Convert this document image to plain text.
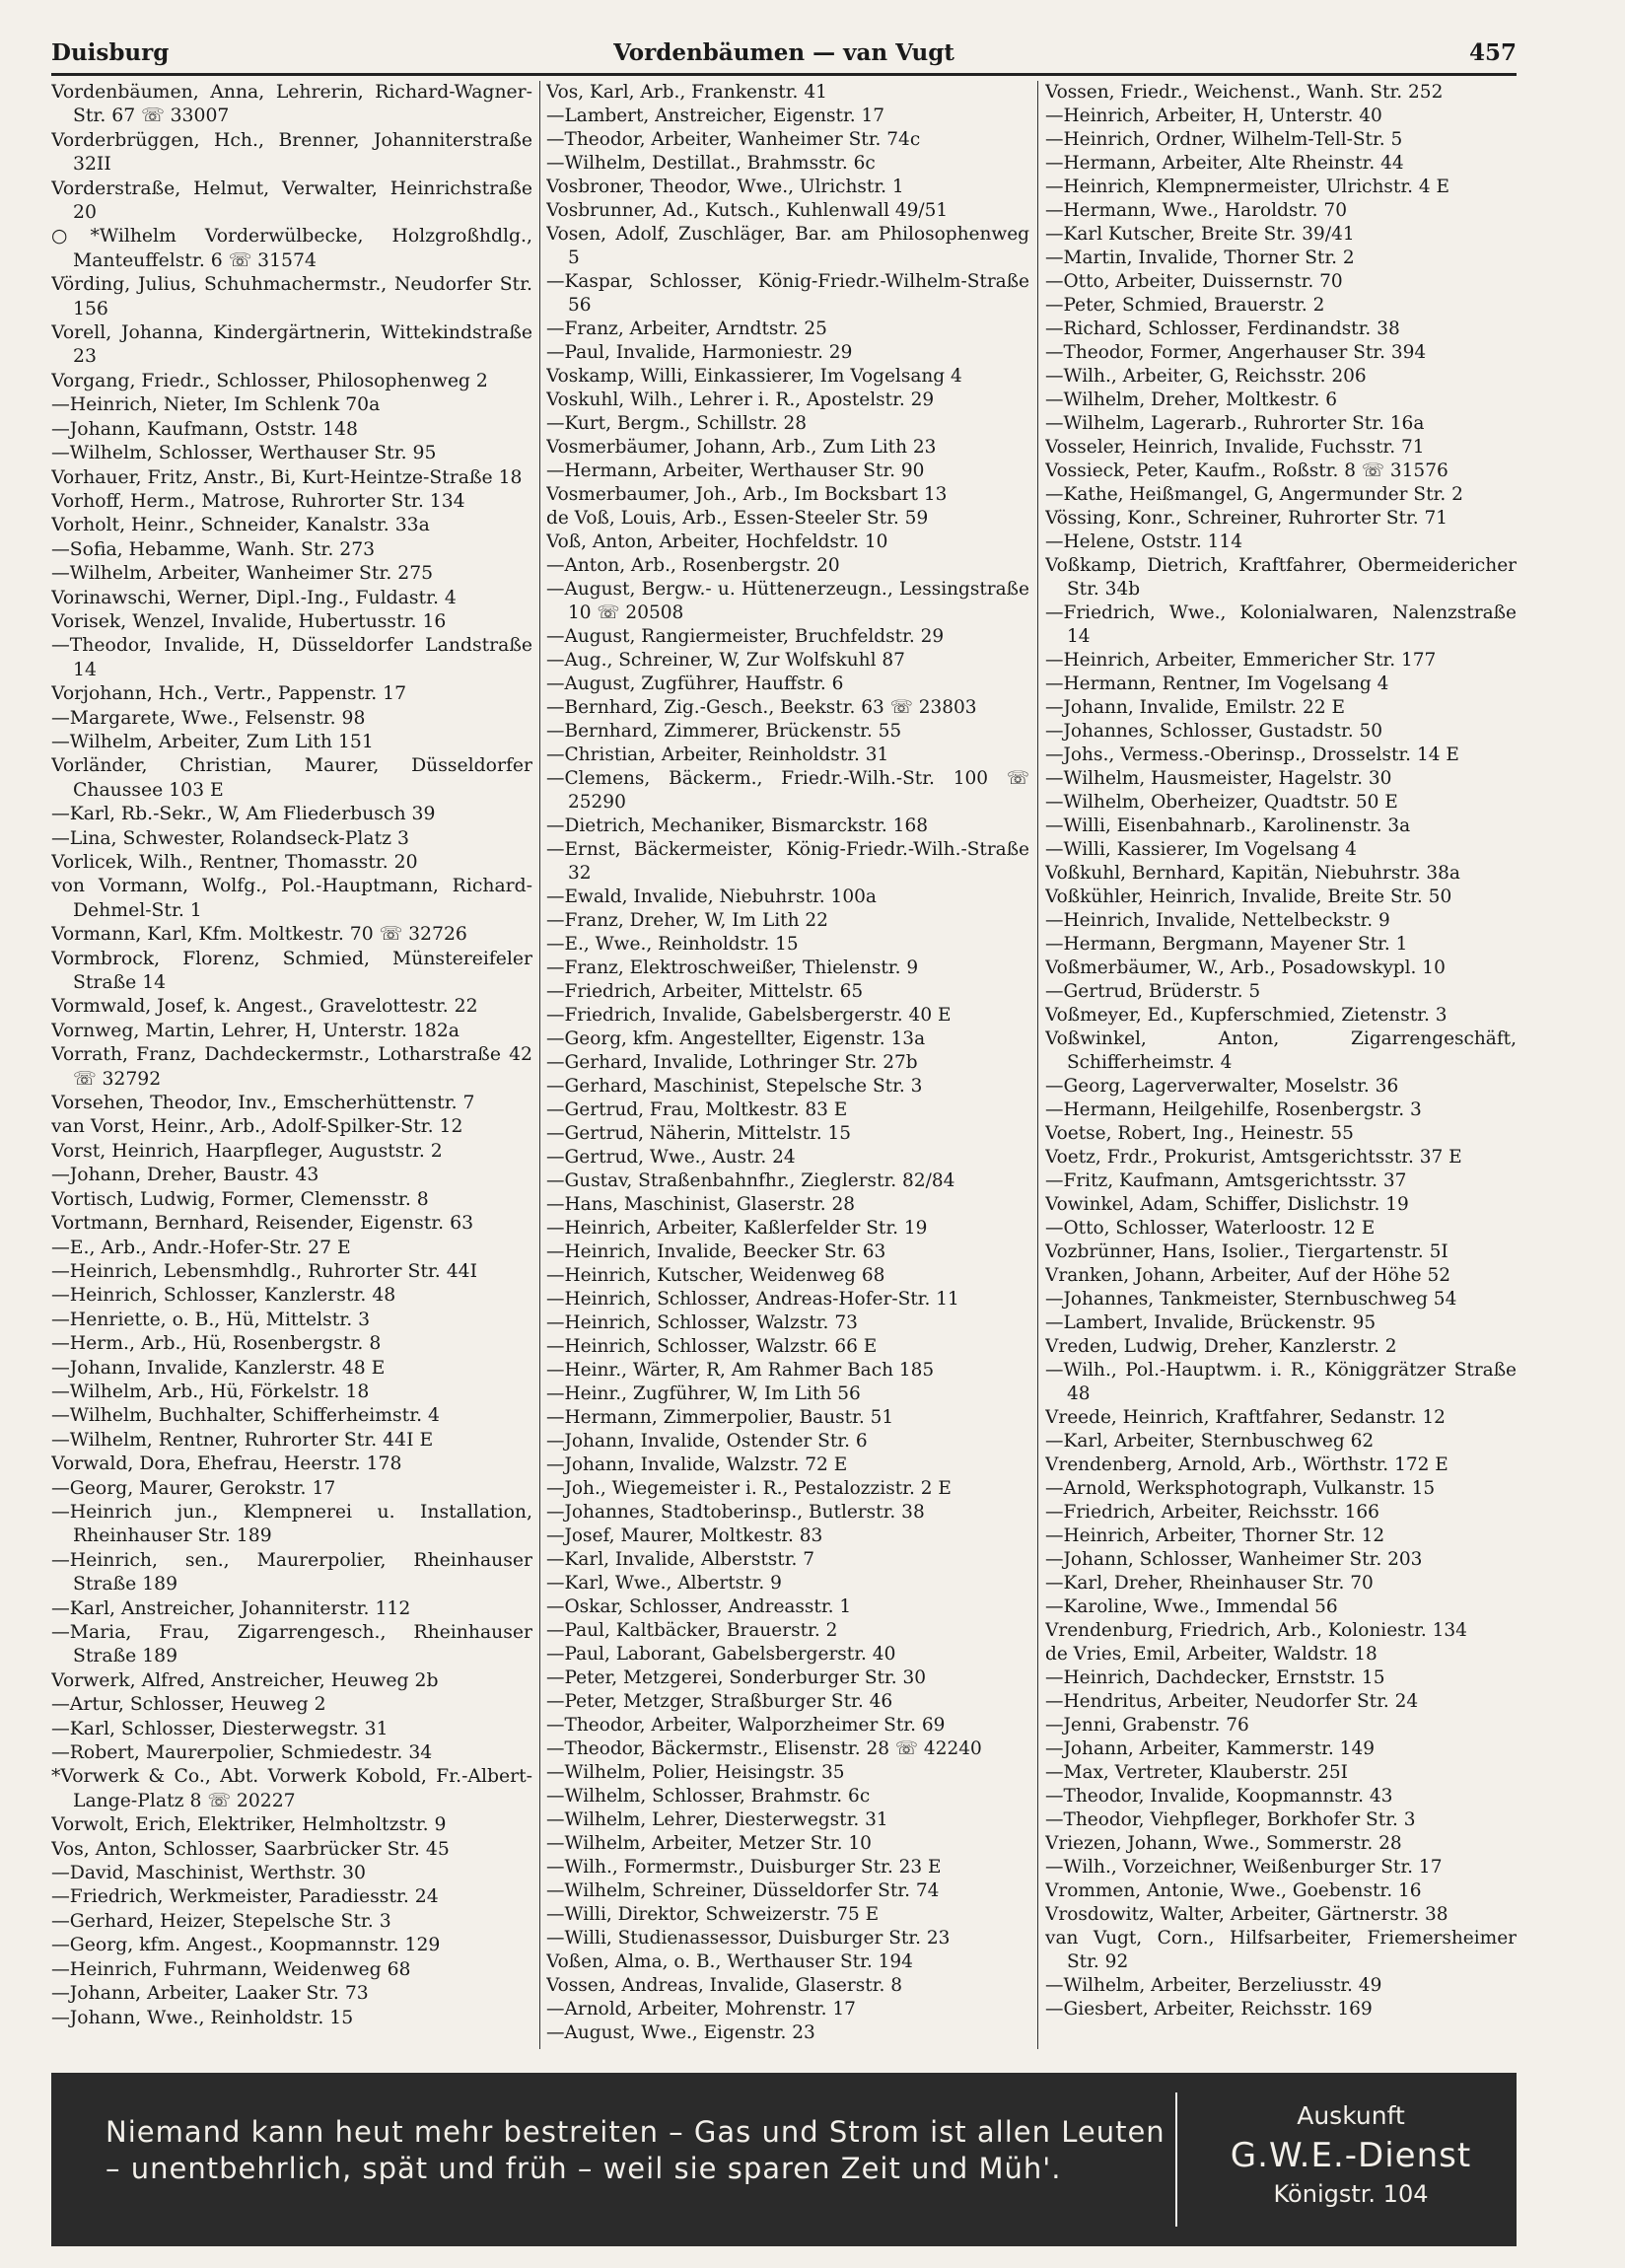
Duisburg	Vordenbäumen — van Vugt	457

Vordenbäumen, Anna, Lehrerin, Richard-Wagner-Str. 67 ☏ 33007

Vorderbrüggen, Hch., Brenner, Johanniterstraße 32II

Vorderstraße, Helmut, Verwalter, Heinrichstraße 20

○*Wilhelm Vorderwülbecke, Holzgroßhdlg., Manteuffelstr. 6 ☏ 31574

Vörding, Julius, Schuhmachermstr., Neudorfer Str. 156

Vorell, Johanna, Kindergärtnerin, Wittekindstraße 23

Vorgang, Friedr., Schlosser, Philosophenweg 2

—Heinrich, Nieter, Im Schlenk 70a

—Johann, Kaufmann, Oststr. 148

—Wilhelm, Schlosser, Werthauser Str. 95

Vorhauer, Fritz, Anstr., Bi, Kurt-Heintze-Straße 18

Vorhoff, Herm., Matrose, Ruhrorter Str. 134

Vorholt, Heinr., Schneider, Kanalstr. 33a

—Sofia, Hebamme, Wanh. Str. 273

—Wilhelm, Arbeiter, Wanheimer Str. 275

Vorinawschi, Werner, Dipl.-Ing., Fuldastr. 4

Vorisek, Wenzel, Invalide, Hubertusstr. 16

—Theodor, Invalide, H, Düsseldorfer Landstraße 14

Vorjohann, Hch., Vertr., Pappenstr. 17

—Margarete, Wwe., Felsenstr. 98

—Wilhelm, Arbeiter, Zum Lith 151

Vorländer, Christian, Maurer, Düsseldorfer Chaussee 103 E

—Karl, Rb.-Sekr., W, Am Fliederbusch 39

—Lina, Schwester, Rolandseck-Platz 3

Vorlicek, Wilh., Rentner, Thomasstr. 20

von Vormann, Wolfg., Pol.-Hauptmann, Richard-Dehmel-Str. 1

Vormann, Karl, Kfm. Moltkestr. 70 ☏ 32726

Vormbrock, Florenz, Schmied, Münstereifeler Straße 14

Vormwald, Josef, k. Angest., Gravelottestr. 22

Vornweg, Martin, Lehrer, H, Unterstr. 182a

Vorrath, Franz, Dachdeckermstr., Lotharstraße 42 ☏ 32792

Vorsehen, Theodor, Inv., Emscherhüttenstr. 7

van Vorst, Heinr., Arb., Adolf-Spilker-Str. 12

Vorst, Heinrich, Haarpfleger, Auguststr. 2

—Johann, Dreher, Baustr. 43

Vortisch, Ludwig, Former, Clemensstr. 8

Vortmann, Bernhard, Reisender, Eigenstr. 63

—E., Arb., Andr.-Hofer-Str. 27 E

—Heinrich, Lebensmhdlg., Ruhrorter Str. 44I

—Heinrich, Schlosser, Kanzlerstr. 48

—Henriette, o. B., Hü, Mittelstr. 3

—Herm., Arb., Hü, Rosenbergstr. 8

—Johann, Invalide, Kanzlerstr. 48 E

—Wilhelm, Arb., Hü, Förkelstr. 18

—Wilhelm, Buchhalter, Schifferheimstr. 4

—Wilhelm, Rentner, Ruhrorter Str. 44I E

Vorwald, Dora, Ehefrau, Heerstr. 178

—Georg, Maurer, Gerokstr. 17

—Heinrich jun., Klempnerei u. Installation, Rheinhauser Str. 189

—Heinrich, sen., Maurerpolier, Rheinhauser Straße 189

—Karl, Anstreicher, Johanniterstr. 112

—Maria, Frau, Zigarrengesch., Rheinhauser Straße 189

Vorwerk, Alfred, Anstreicher, Heuweg 2b

—Artur, Schlosser, Heuweg 2

—Karl, Schlosser, Diesterwegstr. 31

—Robert, Maurerpolier, Schmiedestr. 34

*Vorwerk & Co., Abt. Vorwerk Kobold, Fr.-Albert-Lange-Platz 8 ☏ 20227

Vorwolt, Erich, Elektriker, Helmholtzstr. 9

Vos, Anton, Schlosser, Saarbrücker Str. 45

—David, Maschinist, Werthstr. 30

—Friedrich, Werkmeister, Paradiesstr. 24

—Gerhard, Heizer, Stepelsche Str. 3

—Georg, kfm. Angest., Koopmannstr. 129

—Heinrich, Fuhrmann, Weidenweg 68

—Johann, Arbeiter, Laaker Str. 73

—Johann, Wwe., Reinholdstr. 15

Vos, Karl, Arb., Frankenstr. 41

—Lambert, Anstreicher, Eigenstr. 17

—Theodor, Arbeiter, Wanheimer Str. 74c

—Wilhelm, Destillat., Brahmsstr. 6c

Vosbroner, Theodor, Wwe., Ulrichstr. 1

Vosbrunner, Ad., Kutsch., Kuhlenwall 49/51

Vosen, Adolf, Zuschläger, Bar. am Philosophenweg 5

—Kaspar, Schlosser, König-Friedr.-Wilhelm-Straße 56

—Franz, Arbeiter, Arndtstr. 25

—Paul, Invalide, Harmoniestr. 29

Voskamp, Willi, Einkassierer, Im Vogelsang 4

Voskuhl, Wilh., Lehrer i. R., Apostelstr. 29

—Kurt, Bergm., Schillstr. 28

Vosmerbäumer, Johann, Arb., Zum Lith 23

—Hermann, Arbeiter, Werthauser Str. 90

Vosmerbaumer, Joh., Arb., Im Bocksbart 13

de Voß, Louis, Arb., Essen-Steeler Str. 59

Voß, Anton, Arbeiter, Hochfeldstr. 10

—Anton, Arb., Rosenbergstr. 20

—August, Bergw.- u. Hüttenerzeugn., Lessingstraße 10 ☏ 20508

—August, Rangiermeister, Bruchfeldstr. 29

—Aug., Schreiner, W, Zur Wolfskuhl 87

—August, Zugführer, Hauffstr. 6

—Bernhard, Zig.-Gesch., Beekstr. 63 ☏ 23803

—Bernhard, Zimmerer, Brückenstr. 55

—Christian, Arbeiter, Reinholdstr. 31

—Clemens, Bäckerm., Friedr.-Wilh.-Str. 100 ☏ 25290

—Dietrich, Mechaniker, Bismarckstr. 168

—Ernst, Bäckermeister, König-Friedr.-Wilh.-Straße 32

—Ewald, Invalide, Niebuhrstr. 100a

—Franz, Dreher, W, Im Lith 22

—E., Wwe., Reinholdstr. 15

—Franz, Elektroschweißer, Thielenstr. 9

—Friedrich, Arbeiter, Mittelstr. 65

—Friedrich, Invalide, Gabelsbergerstr. 40 E

—Georg, kfm. Angestellter, Eigenstr. 13a

—Gerhard, Invalide, Lothringer Str. 27b

—Gerhard, Maschinist, Stepelsche Str. 3

—Gertrud, Frau, Moltkestr. 83 E

—Gertrud, Näherin, Mittelstr. 15

—Gertrud, Wwe., Austr. 24

—Gustav, Straßenbahnfhr., Zieglerstr. 82/84

—Hans, Maschinist, Glaserstr. 28

—Heinrich, Arbeiter, Kaßlerfelder Str. 19

—Heinrich, Invalide, Beecker Str. 63

—Heinrich, Kutscher, Weidenweg 68

—Heinrich, Schlosser, Andreas-Hofer-Str. 11

—Heinrich, Schlosser, Walzstr. 73

—Heinrich, Schlosser, Walzstr. 66 E

—Heinr., Wärter, R, Am Rahmer Bach 185

—Heinr., Zugführer, W, Im Lith 56

—Hermann, Zimmerpolier, Baustr. 51

—Johann, Invalide, Ostender Str. 6

—Johann, Invalide, Walzstr. 72 E

—Joh., Wiegemeister i. R., Pestalozzistr. 2 E

—Johannes, Stadtoberinsp., Butlerstr. 38

—Josef, Maurer, Moltkestr. 83

—Karl, Invalide, Alberststr. 7

—Karl, Wwe., Albertstr. 9

—Oskar, Schlosser, Andreasstr. 1

—Paul, Kaltbäcker, Brauerstr. 2

—Paul, Laborant, Gabelsbergerstr. 40

—Peter, Metzgerei, Sonderburger Str. 30

—Peter, Metzger, Straßburger Str. 46

—Theodor, Arbeiter, Walporzheimer Str. 69

—Theodor, Bäckermstr., Elisenstr. 28 ☏ 42240

—Wilhelm, Polier, Heisingstr. 35

—Wilhelm, Schlosser, Brahmstr. 6c

—Wilhelm, Lehrer, Diesterwegstr. 31

—Wilhelm, Arbeiter, Metzer Str. 10

—Wilh., Formermstr., Duisburger Str. 23 E

—Wilhelm, Schreiner, Düsseldorfer Str. 74

—Willi, Direktor, Schweizerstr. 75 E

—Willi, Studienassessor, Duisburger Str. 23

Voßen, Alma, o. B., Werthauser Str. 194

Vossen, Andreas, Invalide, Glaserstr. 8

—Arnold, Arbeiter, Mohrenstr. 17

—August, Wwe., Eigenstr. 23

Vossen, Friedr., Weichenst., Wanh. Str. 252

—Heinrich, Arbeiter, H, Unterstr. 40

—Heinrich, Ordner, Wilhelm-Tell-Str. 5

—Hermann, Arbeiter, Alte Rheinstr. 44

—Heinrich, Klempnermeister, Ulrichstr. 4 E

—Hermann, Wwe., Haroldstr. 70

—Karl Kutscher, Breite Str. 39/41

—Martin, Invalide, Thorner Str. 2

—Otto, Arbeiter, Duissernstr. 70

—Peter, Schmied, Brauerstr. 2

—Richard, Schlosser, Ferdinandstr. 38

—Theodor, Former, Angerhauser Str. 394

—Wilh., Arbeiter, G, Reichsstr. 206

—Wilhelm, Dreher, Moltkestr. 6

—Wilhelm, Lagerarb., Ruhrorter Str. 16a

Vosseler, Heinrich, Invalide, Fuchsstr. 71

Vossieck, Peter, Kaufm., Roßstr. 8 ☏ 31576

—Kathe, Heißmangel, G, Angermunder Str. 2

Vössing, Konr., Schreiner, Ruhrorter Str. 71

—Helene, Oststr. 114

Voßkamp, Dietrich, Kraftfahrer, Obermeidericher Str. 34b

—Friedrich, Wwe., Kolonialwaren, Nalenzstraße 14

—Heinrich, Arbeiter, Emmericher Str. 177

—Hermann, Rentner, Im Vogelsang 4

—Johann, Invalide, Emilstr. 22 E

—Johannes, Schlosser, Gustadstr. 50

—Johs., Vermess.-Oberinsp., Drosselstr. 14 E

—Wilhelm, Hausmeister, Hagelstr. 30

—Wilhelm, Oberheizer, Quadtstr. 50 E

—Willi, Eisenbahnarb., Karolinenstr. 3a

—Willi, Kassierer, Im Vogelsang 4

Voßkuhl, Bernhard, Kapitän, Niebuhrstr. 38a

Voßkühler, Heinrich, Invalide, Breite Str. 50

—Heinrich, Invalide, Nettelbeckstr. 9

—Hermann, Bergmann, Mayener Str. 1

Voßmerbäumer, W., Arb., Posadowskypl. 10

—Gertrud, Brüderstr. 5

Voßmeyer, Ed., Kupferschmied, Zietenstr. 3

Voßwinkel, Anton, Zigarrengeschäft, Schifferheimstr. 4

—Georg, Lagerverwalter, Moselstr. 36

—Hermann, Heilgehilfe, Rosenbergstr. 3

Voetse, Robert, Ing., Heinestr. 55

Voetz, Frdr., Prokurist, Amtsgerichtsstr. 37 E

—Fritz, Kaufmann, Amtsgerichtsstr. 37

Vowinkel, Adam, Schiffer, Dislichstr. 19

—Otto, Schlosser, Waterloostr. 12 E

Vozbrünner, Hans, Isolier., Tiergartenstr. 5I

Vranken, Johann, Arbeiter, Auf der Höhe 52

—Johannes, Tankmeister, Sternbuschweg 54

—Lambert, Invalide, Brückenstr. 95

Vreden, Ludwig, Dreher, Kanzlerstr. 2

—Wilh., Pol.-Hauptwm. i. R., Königgrätzer Straße 48

Vreede, Heinrich, Kraftfahrer, Sedanstr. 12

—Karl, Arbeiter, Sternbuschweg 62

Vrendenberg, Arnold, Arb., Wörthstr. 172 E

—Arnold, Werksphotograph, Vulkanstr. 15

—Friedrich, Arbeiter, Reichsstr. 166

—Heinrich, Arbeiter, Thorner Str. 12

—Johann, Schlosser, Wanheimer Str. 203

—Karl, Dreher, Rheinhauser Str. 70

—Karoline, Wwe., Immendal 56

Vrendenburg, Friedrich, Arb., Koloniestr. 134

de Vries, Emil, Arbeiter, Waldstr. 18

—Heinrich, Dachdecker, Ernststr. 15

—Hendritus, Arbeiter, Neudorfer Str. 24

—Jenni, Grabenstr. 76

—Johann, Arbeiter, Kammerstr. 149

—Max, Vertreter, Klauberstr. 25I

—Theodor, Invalide, Koopmannstr. 43

—Theodor, Viehpfleger, Borkhofer Str. 3

Vriezen, Johann, Wwe., Sommerstr. 28

—Wilh., Vorzeichner, Weißenburger Str. 17

Vrommen, Antonie, Wwe., Goebenstr. 16

Vrosdowitz, Walter, Arbeiter, Gärtnerstr. 38

van Vugt, Corn., Hilfsarbeiter, Friemersheimer Str. 92

—Wilhelm, Arbeiter, Berzeliusstr. 49

—Giesbert, Arbeiter, Reichsstr. 169

Niemand kann heut mehr bestreiten – Gas und Strom ist allen Leuten – unentbehrlich, spät und früh – weil sie sparen Zeit und Müh'.
Auskunft
G.W.E.-Dienst
Königstr. 104
